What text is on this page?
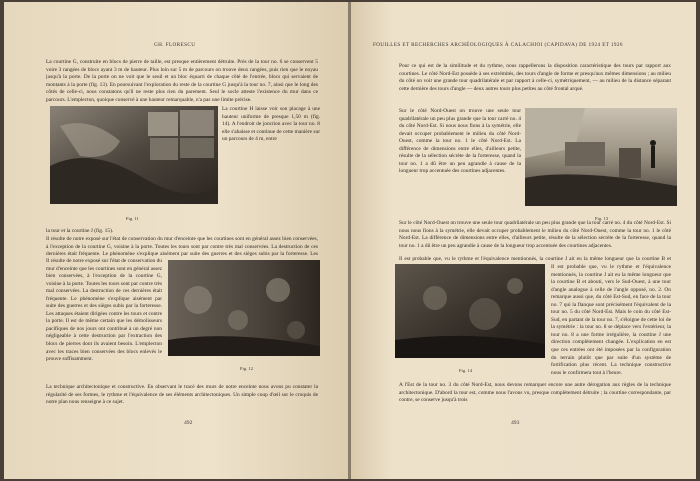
GH. FLORESCU
La courtine G, construite en blocs de pierre de taille, est presque entièrement détruite. Près de la tour no. 6 se conservent 5 voire 3 rangées de blocs ayant 3 m de hauteur. Plus loin sur 5 m de parcours on trouve deux rangées, puis rien que le noyau jusqu'à la porte. De la porte on ne voit que le seuil et un bloc équarri de chaque côté de l'entrée, blocs qui servaient de montants à la porte (fig. 13). En poursuivant l'exploration du reste de la courtine G jusqu'à la tour no. 7, ainsi que le long des côtés de celle-ci, nous constatons qu'il ne reste plus rien du parement. Seul le socle atteste l'existence du mur dans ce parcours. L'emplecton, quoique conservé à une hauteur remarquable, n'a pas une limite précise.
Fig. 11
La courtine H laisse voir son placage à une hauteur uniforme de presque 1,50 m (fig. 14). A l'endroit de jonction avec la tour no. 8 elle s'abaisse et continue de cette manière sur un parcours de 4 m, entre
la tour et la courtine J (fig. 15).
Il résulte de notre exposé sur l'état de conservation du mur d'enceinte que les courtines sont en général assez bien conservées, à l'exception de la courtine G, voisine à la porte. Toutes les tours sont par contre très mal conservées. La destruction de ces dernières était fréquente. Le phénomène s'explique aisément par suite des guerres et des sièges subis par la forteresse. Les
Il résulte de notre exposé sur l'état de conservation du mur d'enceinte que les courtines sont en général assez bien conservées, à l'exception de la courtine G, voisine à la porte. Toutes les tours sont par contre très mal conservées. La destruction de ces dernières était fréquente. Le phénomène s'explique aisément par suite des guerres et des sièges subis par la forteresse. Les attaques étaient dirigées contre les tours et contre la porte. Il est de même certain que les démolisseurs pacifiques de nos jours ont contribué à un degré non négligeable à cette destruction par l'extraction des blocs de pierres dont ils avaient besoin. L'emplecton avec les traces bien conservées des blocs enlevés le prouve suffisamment.
Fig. 12
La technique architectonique et constructive. En observant le tracé des murs de notre enceinte nous avons pu constater la régularité de ses formes, le rythme et l'équivalence de ses éléments architectoniques. Un simple coup d'œil sur le croquis de notre plan nous renseigne à ce sujet.
492
FOUILLES ET RECHERCHES ARCHÉOLOGIQUES À CALACHIOI (CAPIDAVA) DE 1924 ET 1926
Pour ce qui est de la similitude et du rythme, nous rappellerons la disposition caractéristique des tours par rapport aux courtines. Le côté Nord-Est possède à ses extrémités, des tours d'angle de forme et presqu'aux mêmes dimensions ; au milieu du côté on voit une grande tour quadrilatérale et par rapport à celle-ci, symétriquement, — au milieu de la distance séparant cette dernière des tours d'angle — deux autres tours plus petites au côté frontal arqué.
Sur le côté Nord-Ouest on trouve une seule tour quadrilatérale un peu plus grande que la tour carré no. 4 du côté Nord-Est. Si nous nous fions à la symétrie, elle devait occuper probablement le milieu du côté Nord-Ouest, comme la tour no. 1 le côté Nord-Est. La différence de dimensions entre elles, d'ailleurs petite, résulte de la sélection sécrète de la forteresse, quand la tour no. 1 a dû être un peu agrandie à cause de la longueur trop accentuée des courtines adjacentes.
Fig. 13
Sur le côté Nord-Ouest on trouve une seule tour quadrilatérale un peu plus grande que la tour carré no. 4 du côté Nord-Est. Si nous nous fions à la symétrie, elle devait occuper probablement le milieu du côté Nord-Ouest, comme la tour no. 1 le côté Nord-Est. La différence de dimensions entre elles, d'ailleurs petite, résulte de la sélection sécrète de la forteresse, quand la tour no. 1 a dû être un peu agrandie à cause de la longueur trop accentuée des courtines adjacentes.
Il est probable que, vu le rythme et l'équivalence mentionnés, la courtine J ait eu la même longueur que la courtine B et
Fig. 14
Il est probable que, vu le rythme et l'équivalence mentionnés, la courtine J ait eu la même longueur que la courtine B et abouti, vers le Sud-Ouest, à une tour d'angle analogue à celle de l'angle opposé, no. 2. On remarque aussi que, du côté Est-Sud, en face de la tour no. 7 qui la flanque sont précisément l'équivalent de la tour no. 5 du côté Nord-Est. Mais le coin du côté Est-Sud, en partant de la tour no. 7, s'éloigne de cette loi de la symétrie : la tour no. 8 se déplace vers l'extérieur, la tour no. 8 a une forme irrégulière, la courtine J une direction complètement changée. L'explication en est que ces entrées ont été imposées par la configuration du terrain plutôt que par suite d'un système de fortification plus récent. La technique constructive nous le confirmera tout à l'heure.
A l'Est de la tour no. 3 du côté Nord-Est, nous devons remarquer encore une autre dérogation aux règles de la technique architectonique. D'abord la tour est, comme nous l'avons vu, presque complètement détruite ; la courtine correspondante, par contre, se conserve jusqu'à trois
493
